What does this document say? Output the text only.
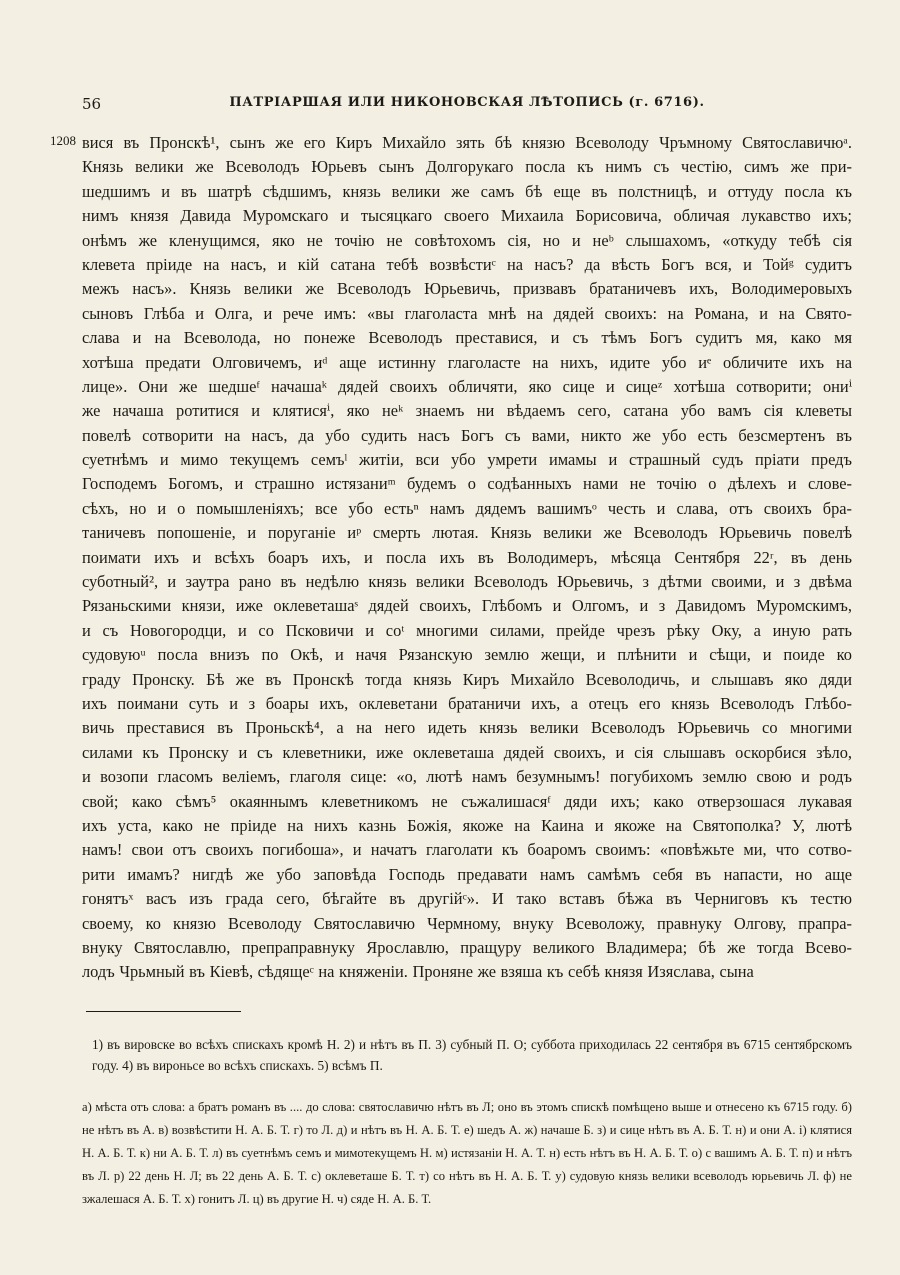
56	ПАТРІАРШАЯ ИЛИ НИКОНОВСКАЯ ЛѢТОПИСЬ (г. 6716).
1208 вися въ Пронскѣ¹, сынъ же его Киръ Михайло зять бѣ князю Всеволоду Чръмному Святославичюᵃ.
Князь велики же Всеволодъ Юрьевъ сынъ Долгорукаго посла къ нимъ съ честію, симъ же при-
шедшимъ и въ шатрѣ сѣдшимъ, князь велики же самъ бѣ еще въ полстницѣ, и оттуду посла къ
нимъ князя Давида Муромскаго и тысяцкаго своего Михаила Борисовича, обличая лукавство ихъ;
онѣмъ же кленущимся, яко не точію не совѣтохомъ сія, но и неᵇ слышахомъ, «откуду тебѣ сія
клевета пріиде на насъ, и кій сатана тебѣ возвѣстиᶜ на насъ? да вѣсть Богъ вся, и Тойᵍ судитъ
межъ насъ». Князь велики же Всеволодъ Юрьевичь, призвавъ братаничевъ ихъ, Володимеровыхъ
сыновъ Глѣба и Олга, и рече имъ: «вы глаголаста мнѣ на дядей своихъ: на Романа, и на Свято-
слава и на Всеволода, но понеже Всеволодъ преставися, и съ тѣмъ Богъ судитъ мя, како мя
хотѣша предати Олговичемъ, иᵈ аще истинну глаголасте на нихъ, идите убо иᵉ обличите ихъ на
лице». Они же шедшеᶠ начашаᵏ дядей своихъ обличяти, яко сице и сицеᶻ хотѣша сотворити; ониⁱ
же начаша ротитися и клятисяⁱ, яко неᵏ знаемъ ни вѣдаемъ сего, сатана убо вамъ сія клеветы
повелѣ сотворити на насъ, да убо судить насъ Богъ съ вами, никто же убо есть безсмертенъ въ
суетнѣмъ и мимо текущемъ семъˡ житіи, вси убо умрети имамы и страшный судъ пріати предъ
Господемъ Богомъ, и страшно истязаниᵐ будемъ о содѣанныхъ нами не точію о дѣлехъ и слове-
сѣхъ, но и о помышленіяхъ; все убо естьⁿ намъ дядемъ вашимъᵒ честь и слава, отъ своихъ бра-
таничевъ попошеніе, и поруганіе иᵖ смерть лютая. Князь велики же Всеволодъ Юрьевичь повелѣ
поимати ихъ и всѣхъ боаръ ихъ, и посла ихъ въ Володимеръ, мѣсяца Сентября 22ʳ, въ день
суботный², и заутра рано въ недѣлю князь велики Всеволодъ Юрьевичь, з дѣтми своими, и з двѣма
Рязаньскими князи, иже оклеветашаˢ дядей своихъ, Глѣбомъ и Олгомъ, и з Давидомъ Муромскимъ,
и съ Новогородци, и со Псковичи и соᵗ многими силами, прейде чрезъ рѣку Оку, а иную рать
судовуюᵘ посла внизъ по Окѣ, и начя Рязанскую землю жещи, и плѣнити и сѣщи, и поиде ко
граду Пронску. Бѣ же въ Пронскѣ тогда князь Киръ Михайло Всеволодичь, и слышавъ яко дяди
ихъ поимани суть и з боары ихъ, оклеветани братаничи ихъ, а отецъ его князь Всеволодъ Глѣбо-
вичь преставися въ Проньскѣ⁴, а на него идеть князь велики Всеволодъ Юрьевичь со многими
силами къ Пронску и съ клеветники, иже оклеветаша дядей своихъ, и сія слышавъ оскорбися зѣло,
и возопи гласомъ велiемъ, глаголя сице: «о, лютѣ намъ безумнымъ! погубихомъ землю свою и родъ
свой; како сѣмъ⁵ окаяннымъ клеветникомъ не съжалишасяᶠ дяди ихъ; како отверзошася лукавая
ихъ уста, како не пріиде на нихъ казнь Божія, якоже на Каина и якоже на Святополка? У, лютѣ
намъ! свои отъ своихъ погибоша», и начатъ глаголати къ боаромъ своимъ: «повѣжьте ми, что сотво-
рити имамъ? нигдѣ же убо заповѣда Господь предавати намъ самѣмъ себя въ напасти, но аще
гонятъˣ васъ изъ града сего, бѣгайте въ другійᶜ». И тако вставъ бѣжа въ Черниговъ къ тестю
своему, ко князю Всеволоду Святославичю Чермному, внуку Всеволожу, правнуку Олгову, прапра-
внуку Святославлю, препраправнуку Ярославлю, пращуру великого Владимера; бѣ же тогда Всево-
лодъ Чрьмный въ Кіевѣ, сѣдящеᶜ на княженіи. Проняне же взяша къ себѣ князя Изяслава, сына
1) въ вировске во всѣхъ спискахъ кромѣ Н. 2) и нѣтъ въ П. 3) субный П. О; суббота приходилась 22 сентября въ 6715 сентябрскомъ году. 4) въ вироньсе во всѣхъ спискахъ. 5) всѣмъ П.
а) мѣста отъ слова: а братъ романъ въ .... до слова: святославичю нѣтъ въ Л; оно въ этомъ спискѣ помѣщено выше и отнесено къ 6715 году. б) не нѣтъ въ А. в) возвѣстити Н. А. Б. Т. г) то Л. д) и нѣтъ въ Н. А. Б. Т. е) шедъ А. ж) начаше Б. з) и сице нѣтъ въ А. Б. Т. н) и они А. і) клятися Н. А. Б. Т. к) ни А. Б. Т. л) въ суетнѣмъ семъ и мимотекущемъ Н. м) истязанiи Н. А. Т. н) есть нѣтъ въ Н. А. Б. Т. о) с вашимъ А. Б. Т. п) и нѣтъ въ Л. р) 22 день Н. Л; въ 22 день А. Б. Т. с) оклеветаше Б. Т. т) со нѣтъ въ Н. А. Б. Т. у) судовую князь велики всеволодъ юрьевичь Л. ф) не зжалешася А. Б. Т. х) гонитъ Л. ц) въ другие Н. ч) сяде Н. А. Б. Т.
